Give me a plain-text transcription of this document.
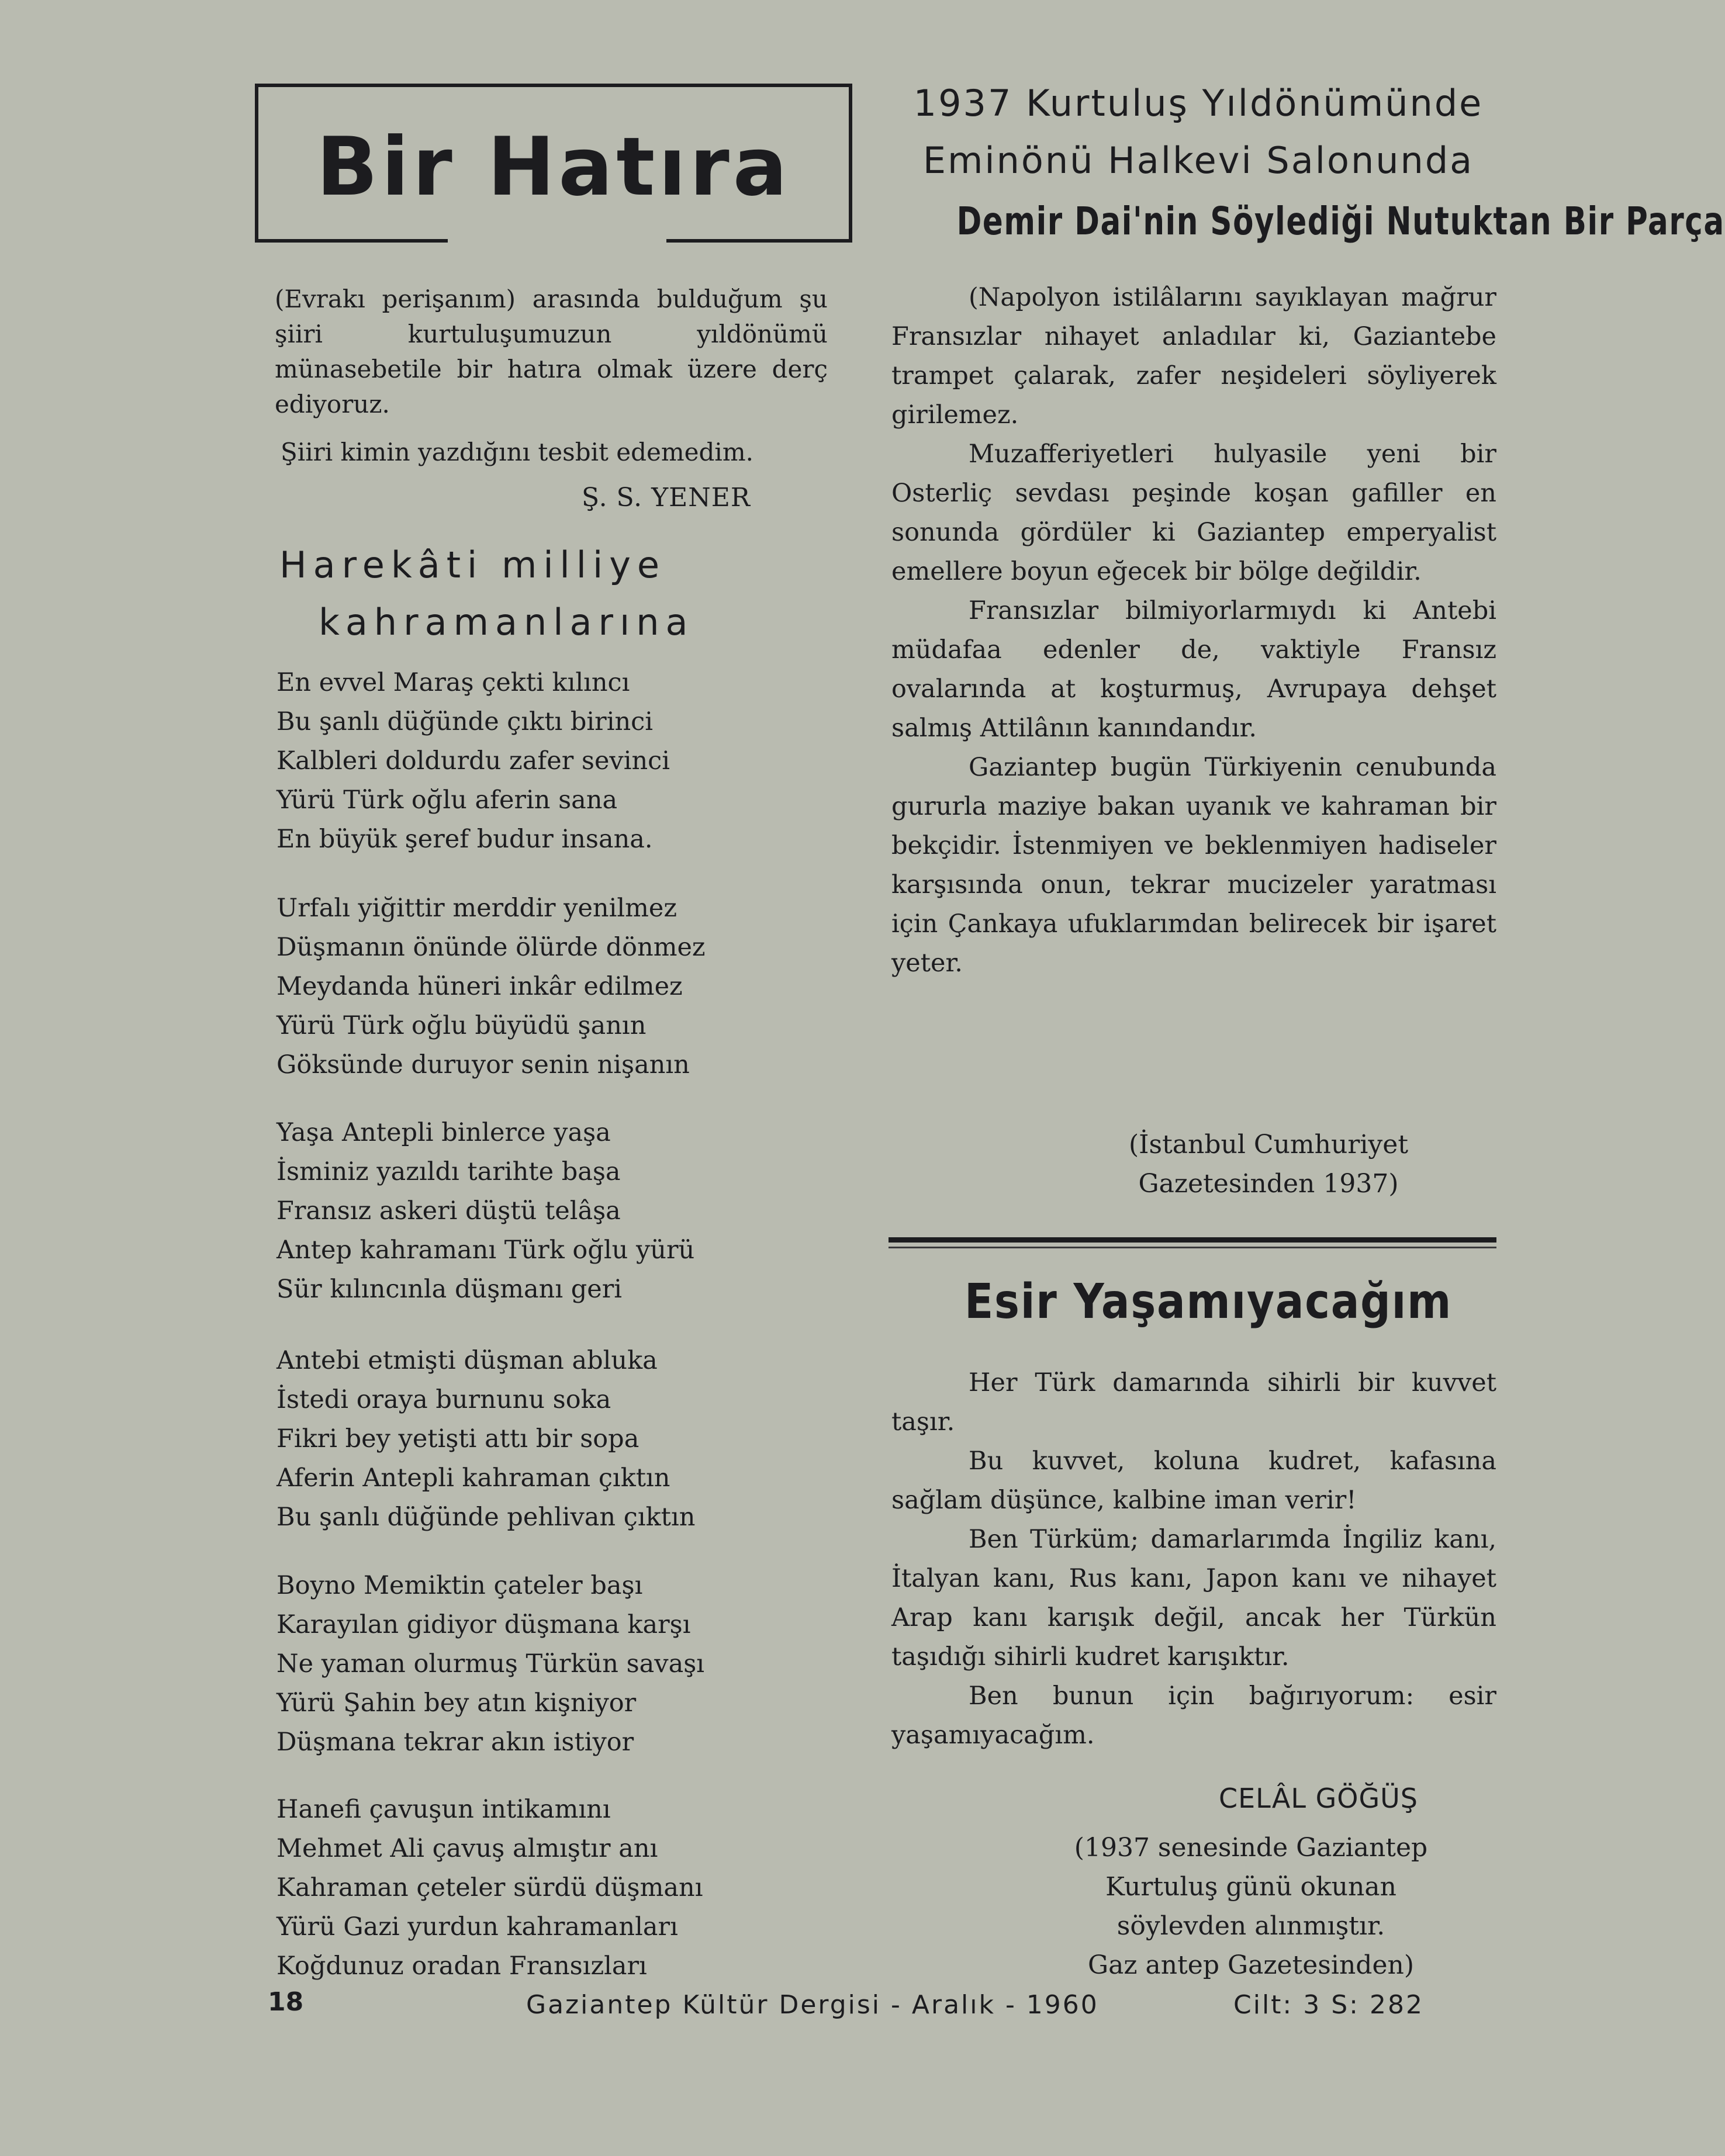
Bir Hatıra

(Evrakı perişanım) arasında bulduğum şu şiiri kurtuluşumuzun yıldönümü münasebetile bir hatıra olmak üzere derç ediyoruz.

Şiiri kimin yazdığını tesbit edemedim.

Ş. S. YENER
Harekâti milliye
kahramanlarına
En evvel Maraş çekti kılıncı
Bu şanlı düğünde çıktı birinci
Kalbleri doldurdu zafer sevinci
Yürü Türk oğlu aferin sana
En büyük şeref budur insana.
Urfalı yiğittir merddir yenilmez
Düşmanın önünde ölürde dönmez
Meydanda hüneri inkâr edilmez
Yürü Türk oğlu büyüdü şanın
Göksünde duruyor senin nişanın
Yaşa Antepli binlerce yaşa
İsminiz yazıldı tarihte başa
Fransız askeri düştü telâşa
Antep kahramanı Türk oğlu yürü
Sür kılıncınla düşmanı geri
Antebi etmişti düşman abluka
İstedi oraya burnunu soka
Fikri bey yetişti attı bir sopa
Aferin Antepli kahraman çıktın
Bu şanlı düğünde pehlivan çıktın
Boyno Memiktin çateler başı
Karayılan gidiyor düşmana karşı
Ne yaman olurmuş Türkün savaşı
Yürü Şahin bey atın kişniyor
Düşmana tekrar akın istiyor
Hanefi çavuşun intikamını
Mehmet Ali çavuş almıştır anı
Kahraman çeteler sürdü düşmanı
Yürü Gazi yurdun kahramanları
Koğdunuz oradan Fransızları
1937 Kurtuluş Yıldönümünde
Eminönü Halkevi Salonunda
Demir Dai'nin Söylediği Nutuktan Bir Parça

(Napolyon istilâlarını sayıklayan mağrur Fransızlar nihayet anladılar ki, Gaziantebe trampet çalarak, zafer neşideleri söyliyerek girilemez.

Muzafferiyetleri hulyasile yeni bir Osterliç sevdası peşinde koşan gafiller en sonunda gördüler ki Gaziantep emperyalist emellere boyun eğecek bir bölge değildir.

Fransızlar bilmiyorlarmıydı ki Antebi müdafaa edenler de, vaktiyle Fransız ovalarında at koşturmuş, Avrupaya dehşet salmış Attilânın kanındandır.

Gaziantep bugün Türkiyenin cenubunda gururla maziye bakan uyanık ve kahraman bir bekçidir. İstenmiyen ve beklenmiyen hadiseler karşısında onun, tekrar mucizeler yaratması için Çankaya ufuklarımdan belirecek bir işaret yeter.

(İstanbul Cumhuriyet
Gazetesinden 1937)
Esir Yaşamıyacağım

Her Türk damarında sihirli bir kuvvet taşır.

Bu kuvvet, koluna kudret, kafasına sağlam düşünce, kalbine iman verir!

Ben Türküm; damarlarımda İngiliz kanı, İtalyan kanı, Rus kanı, Japon kanı ve nihayet Arap kanı karışık değil, ancak her Türkün taşıdığı sihirli kudret karışıktır.

Ben bunun için bağırıyorum: esir yaşamıyacağım.

CELÂL GÖĞÜŞ
(1937 senesinde Gaziantep
Kurtuluş günü okunan
söylevden alınmıştır.
Gaz antep Gazetesinden)
18	Gaziantep Kültür Dergisi - Aralık - 1960	Cilt: 3 S: 282
